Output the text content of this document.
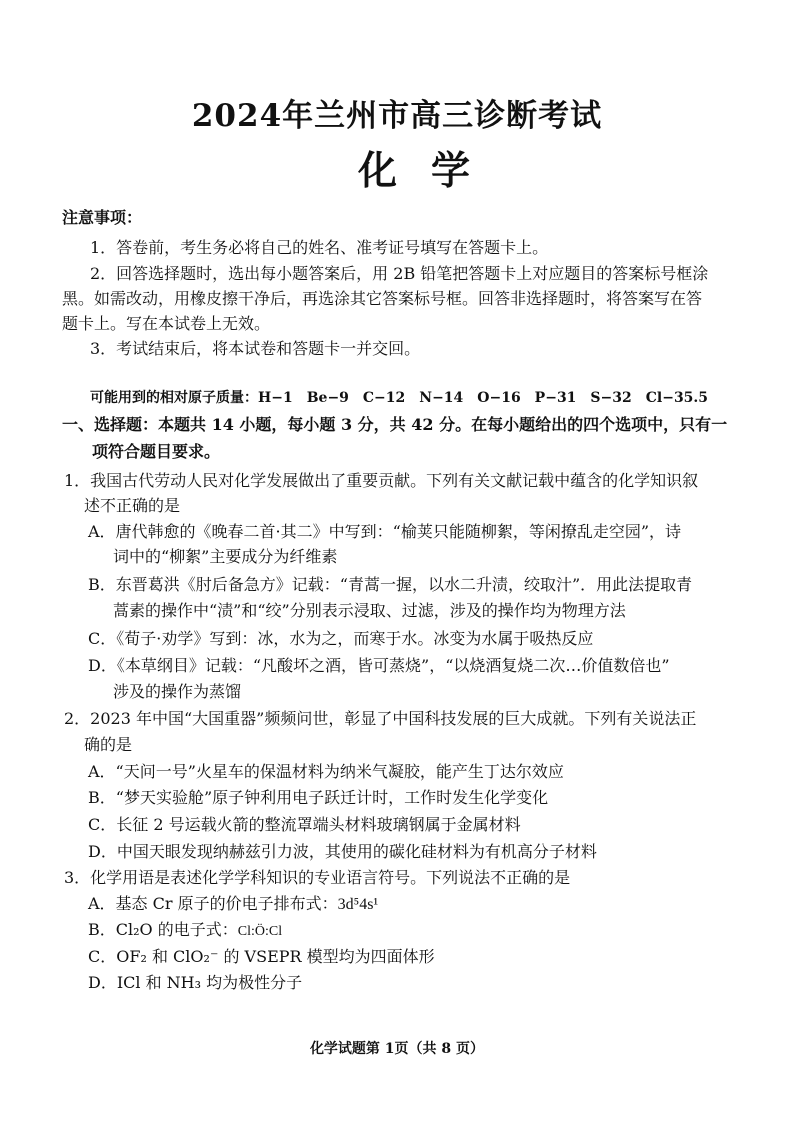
2024年兰州市高三诊断考试
化学
注意事项：
1．答卷前，考生务必将自己的姓名、准考证号填写在答题卡上。
2．回答选择题时，选出每小题答案后，用 2B 铅笔把答题卡上对应题目的答案标号框涂
黑。如需改动，用橡皮擦干净后，再选涂其它答案标号框。回答非选择题时，将答案写在答
题卡上。写在本试卷上无效。
3．考试结束后，将本试卷和答题卡一并交回。
可能用到的相对原子质量：H−1　Be−9　C−12　N−14　O−16　P−31　S−32　Cl−35.5
一、选择题：本题共 14 小题，每小题 3 分，共 42 分。在每小题给出的四个选项中，只有一
项符合题目要求。
1．我国古代劳动人民对化学发展做出了重要贡献。下列有关文献记载中蕴含的化学知识叙
述不正确的是
A．唐代韩愈的《晚春二首·其二》中写到：“榆荚只能随柳絮，等闲撩乱走空园”，诗
词中的“柳絮”主要成分为纤维素
B．东晋葛洪《肘后备急方》记载：“青蒿一握，以水二升渍，绞取汁”．用此法提取青
蒿素的操作中“渍”和“绞”分别表示浸取、过滤，涉及的操作均为物理方法
C．《荀子·劝学》写到：冰，水为之，而寒于水。冰变为水属于吸热反应
D．《本草纲目》记载：“凡酸坏之酒，皆可蒸烧”，“以烧酒复烧二次…价值数倍也”
涉及的操作为蒸馏
2．2023 年中国“大国重器”频频问世，彰显了中国科技发展的巨大成就。下列有关说法正
确的是
A．“天问一号”火星车的保温材料为纳米气凝胶，能产生丁达尔效应
B．“梦天实验舱”原子钟利用电子跃迁计时，工作时发生化学变化
C．长征 2 号运载火箭的整流罩端头材料玻璃钢属于金属材料
D．中国天眼发现纳赫兹引力波，其使用的碳化硅材料为有机高分子材料
3．化学用语是表述化学学科知识的专业语言符号。下列说法不正确的是
A．基态 Cr 原子的价电子排布式：3d⁵4s¹
B．Cl₂O 的电子式：Cl:Ö:Cl
C．OF₂ 和 ClO₂⁻ 的 VSEPR 模型均为四面体形
D．ICl 和 NH₃ 均为极性分子
化学试题第 1页（共 8 页）
